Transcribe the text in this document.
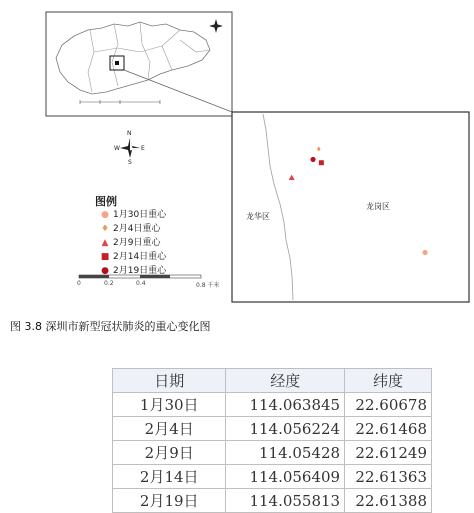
N
S
W	E
图例
● 1月30日重心
♦ 2月4日重心
▲ 2月9日重心
■ 2月14日重心
● 2月19日重心
0	0.2	0.4	0.8 千米
龙华区
龙岗区
图 3.8 深圳市新型冠状肺炎的重心变化图
日期	经度	纬度
1月30日	114.063845	22.60678
2月4日	114.056224	22.61468
2月9日	114.05428	22.61249
2月14日	114.056409	22.61363
2月19日	114.055813	22.61388
